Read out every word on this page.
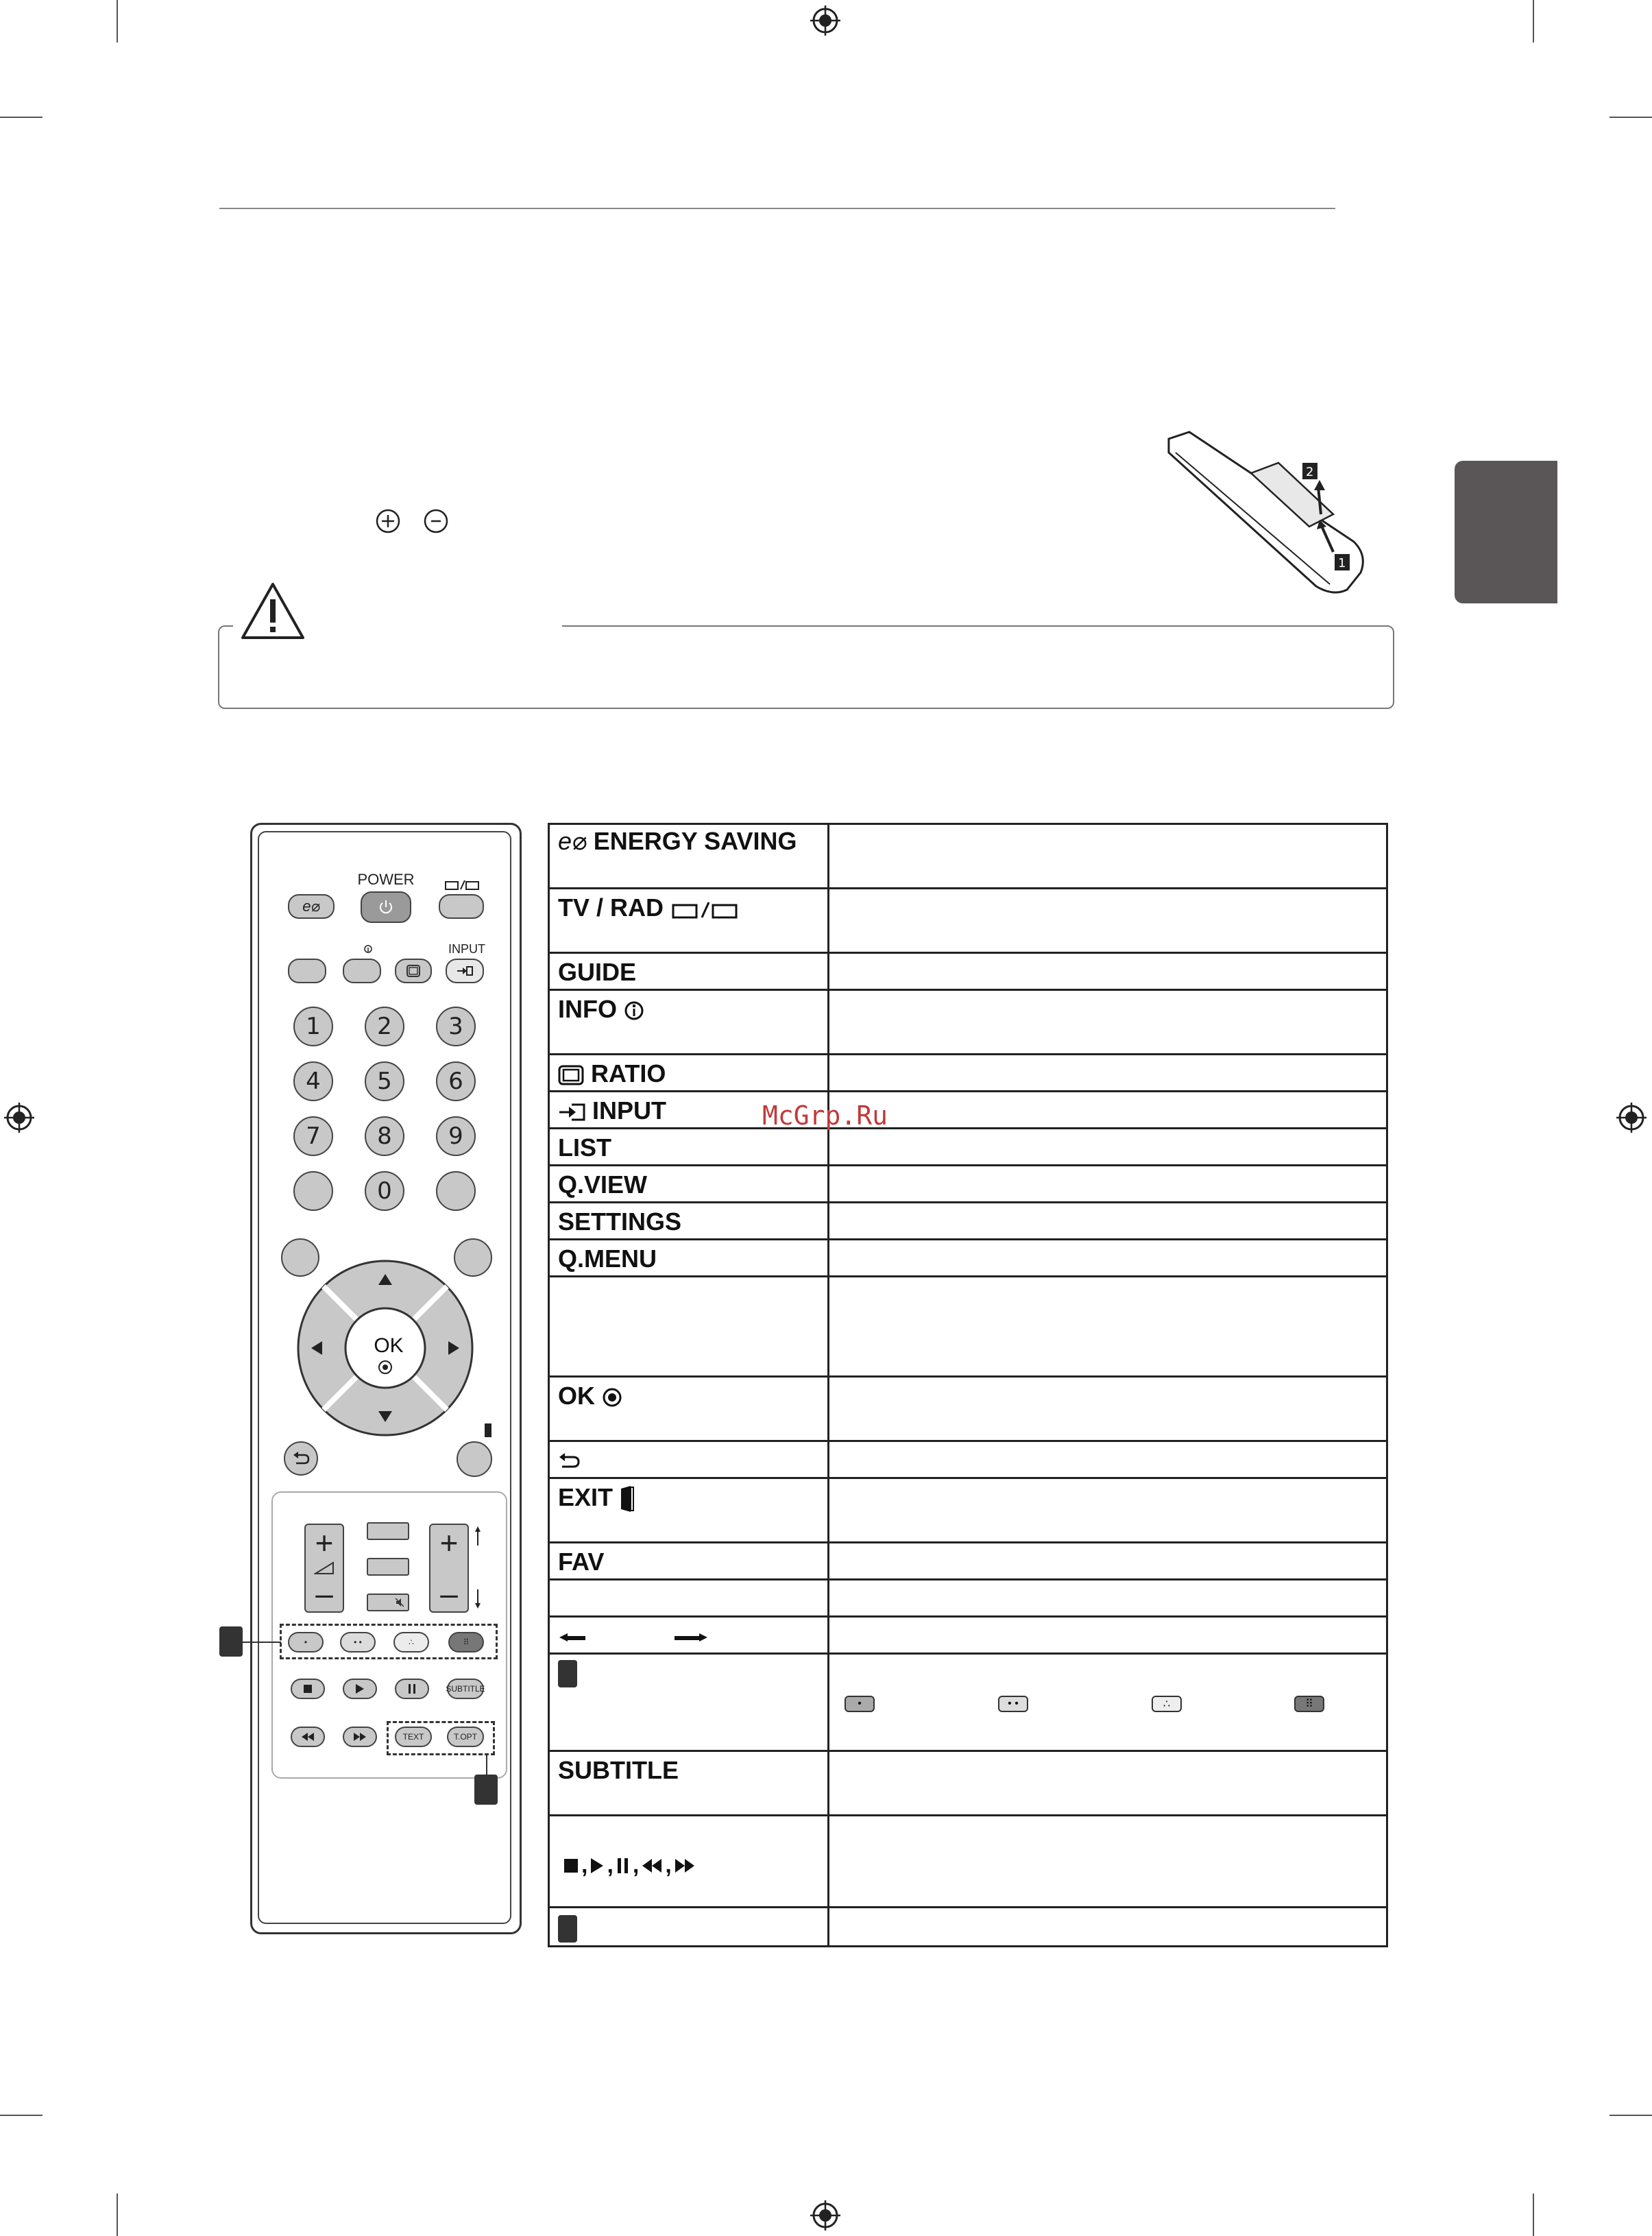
2
1
POWER
e⌀
INPUT
1	2	3
4	5	6
7	8	9
0
OK
+
–
+
–
•	• •	∴	⠿
SUBTITLE
TEXT	T.OPT
e⌀ ENERGY SAVING
TV / RAD
GUIDE
INFO
RATIO
INPUT
LIST
Q.VIEW
SETTINGS
Q.MENU
OK
EXIT
FAV
•	• •	∴	⠿
SUBTITLE
, , , ,
McGrp.Ru
